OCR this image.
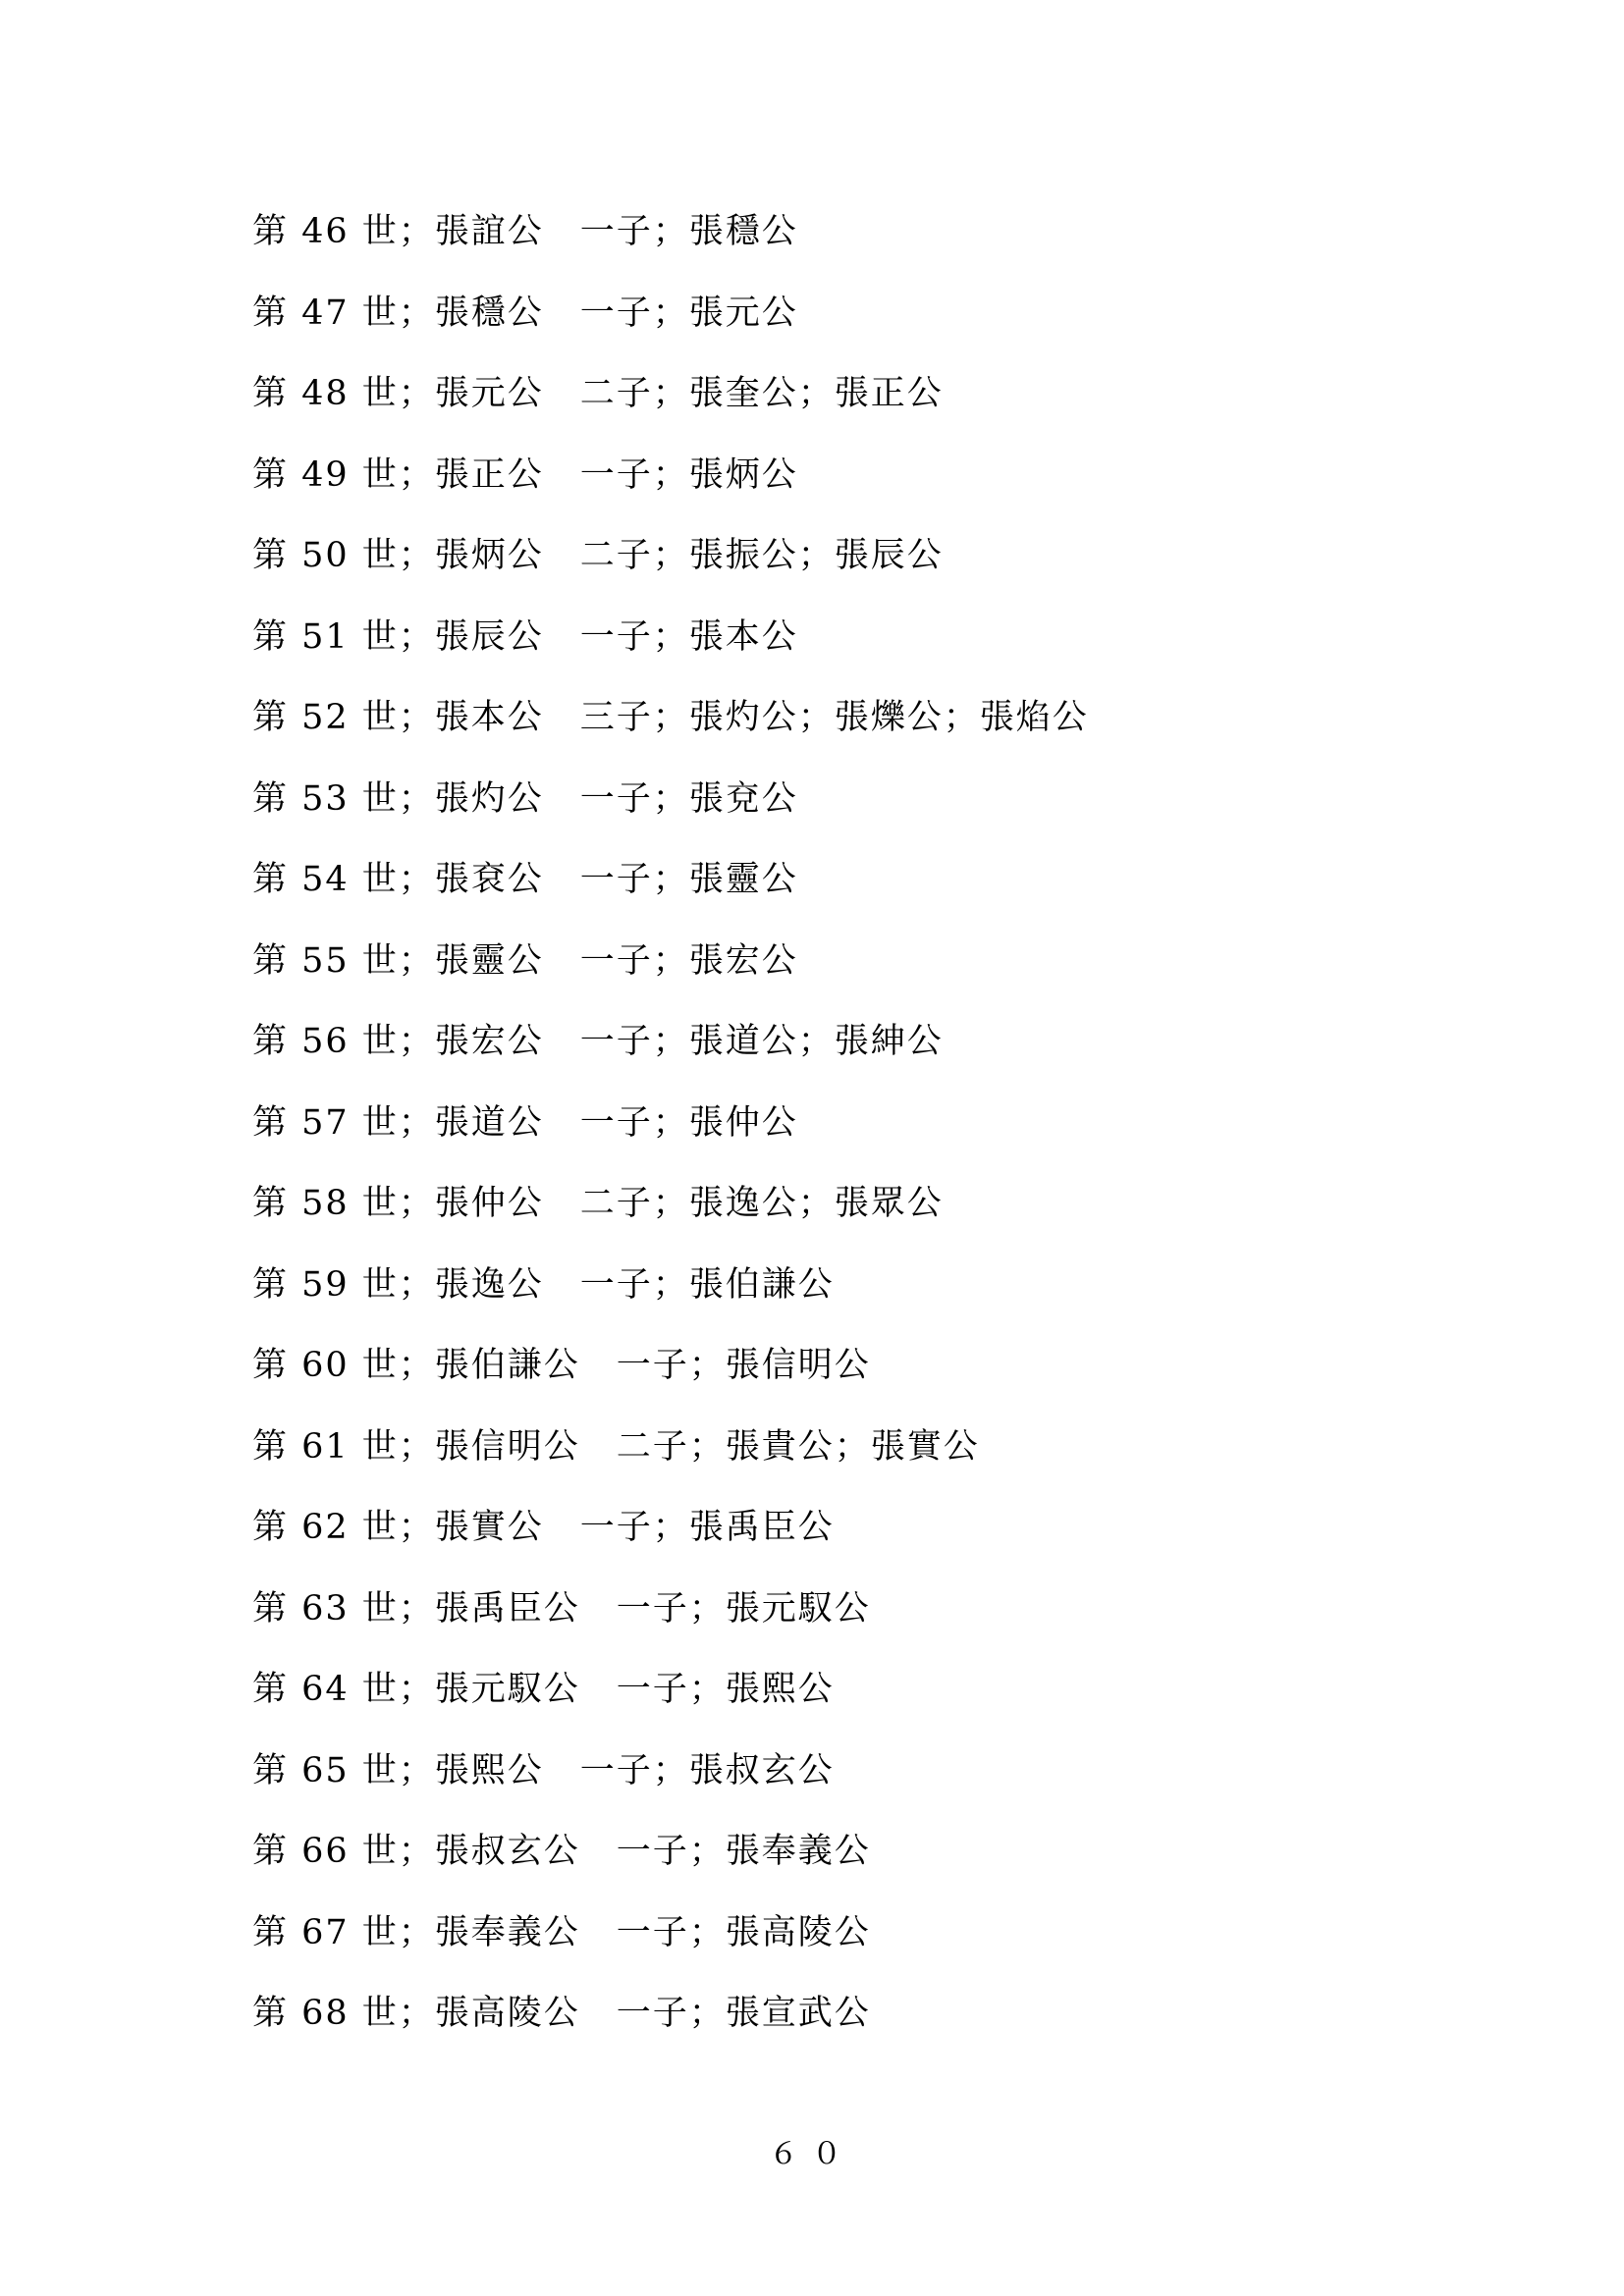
第 46 世；張誼公　一子；張穩公
第 47 世；張穩公　一子；張元公
第 48 世；張元公　二子；張奎公；張正公
第 49 世；張正公　一子；張炳公
第 50 世；張炳公　二子；張振公；張辰公
第 51 世；張辰公　一子；張本公
第 52 世；張本公　三子；張灼公；張爍公；張焰公
第 53 世；張灼公　一子；張兗公
第 54 世；張袞公　一子；張靈公
第 55 世；張靈公　一子；張宏公
第 56 世；張宏公　一子；張道公；張紳公
第 57 世；張道公　一子；張仲公
第 58 世；張仲公　二子；張逸公；張眾公
第 59 世；張逸公　一子；張伯謙公
第 60 世；張伯謙公　一子；張信明公
第 61 世；張信明公　二子；張貴公；張實公
第 62 世；張實公　一子；張禹臣公
第 63 世；張禹臣公　一子；張元馭公
第 64 世；張元馭公　一子；張熙公
第 65 世；張熙公　一子；張叔玄公
第 66 世；張叔玄公　一子；張奉義公
第 67 世；張奉義公　一子；張高陵公
第 68 世；張高陵公　一子；張宣武公
６０
